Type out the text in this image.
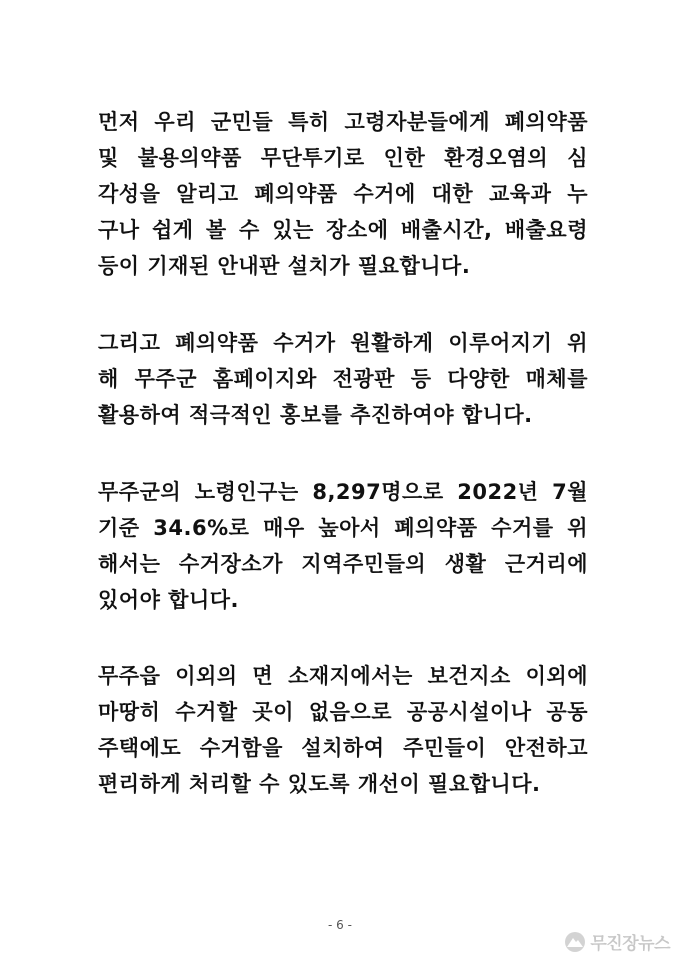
먼저 우리 군민들 특히 고령자분들에게 폐의약품
및 불용의약품 무단투기로 인한 환경오염의 심
각성을 알리고 폐의약품 수거에 대한 교육과 누
구나 쉽게 볼 수 있는 장소에 배출시간, 배출요령
등이 기재된 안내판 설치가 필요합니다.
그리고 폐의약품 수거가 원활하게 이루어지기 위
해 무주군 홈페이지와 전광판 등 다양한 매체를
활용하여 적극적인 홍보를 추진하여야 합니다.
무주군의 노령인구는 8,297명으로 2022년 7월
기준 34.6%로 매우 높아서 폐의약품 수거를 위
해서는 수거장소가 지역주민들의 생활 근거리에
있어야 합니다.
무주읍 이외의 면 소재지에서는 보건지소 이외에
마땅히 수거할 곳이 없음으로 공공시설이나 공동
주택에도 수거함을 설치하여 주민들이 안전하고
편리하게 처리할 수 있도록 개선이 필요합니다.
- 6 -
무진장뉴스
